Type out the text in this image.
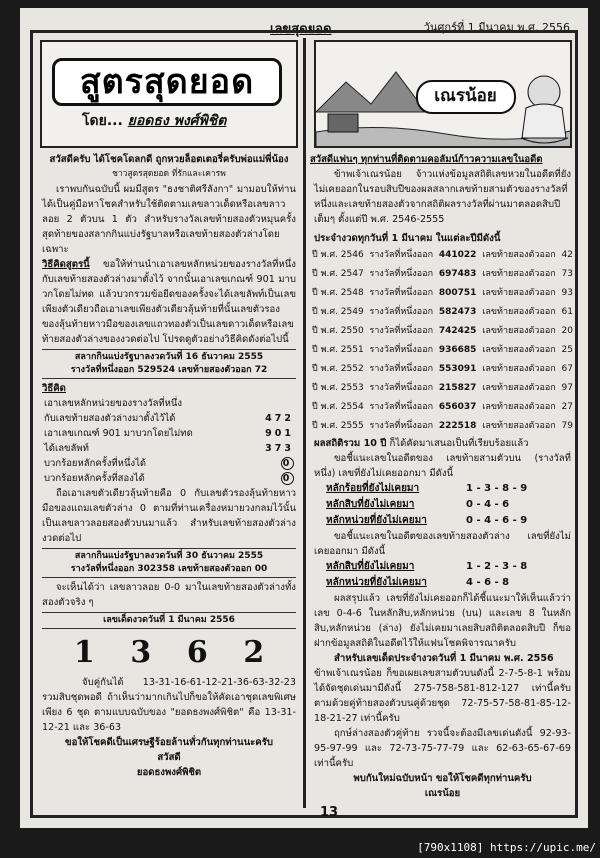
เลขสุดยอด	วันศุกร์ที่ 1 มีนาคม พ.ศ. 2556
สูตรสุดยอด
โดย... ยอดธง พงศ์พิชิต
สวัสดีครับ ได้โชคโดลกดี ถูกหวยล็อตเตอรี่ครับพ่อแม่พี่น้อง
ชาวสูตรสุดยอด ที่รักและเคารพ
เราพบกันฉบับนี้ ผมมีสูตร "ธงชาติศรีลังกา" มามอบให้ท่านได้เป็นคู่มือหาโชคสำหรับใช้ติดตามเลขลาวเด็ดหรือเลขลาวลอย 2 ตัวบน 1 ตัว สำหรับรางวัลเลขท้ายสองตัวหมุนครั้งสุดท้ายของสลากกินแบ่งรัฐบาลหรือเลขท้ายสองตัวล่างโดยเฉพาะ
วิธีคิดสูตรนี้ ขอให้ท่านนำเอาเลขหลักหน่วยของรางวัลที่หนึ่งกับเลขท้ายสองตัวล่างมาตั้งไว้ จากนั้นเอาเลขเกณฑ์ 901 มาบวกโดยไม่ทด แล้วบวกรวมข้อยีดของครั้งจะได้เลขลัพท์เป็นเลขเพียงตัวเดียวถือเอาเลขเพียงตัวเดียวลุ้นท้ายที่นั้นเลขตัวรองของลุ้นท้ายหาวมือของเลขแถวทองตัวเป็นเลขดาวเด็ดหรือเลขท้ายสองตัวล่างของงวดต่อไป โปรดดูตัวอย่างวิธีคิดดังต่อไปนี้
สลากกินแบ่งรัฐบาลงวดวันที่ 16 ธันวาคม 2555
รางวัลที่หนึ่งออก 529524 เลขท้ายสองตัวออก 72
วิธีคิด
เอาเลขหลักหน่วยของรางวัลที่หนึ่ง
กับเลขท้ายสองตัวล่างมาตั้งไว้ได้	472
เอาเลขเกณฑ์ 901 มาบวกโดยไม่ทด	901
ได้เลขลัพท์	373
บวกร้อยหลักครั้งที่หนึ่งได้	0
บวกร้อยหลักครั้งที่สองได้	0
ถือเอาเลขตัวเดียวลุ้นท้ายคือ 0 กับเลขตัวรองลุ้นท้ายหาวมือของแถมเลขตัวล่าง 0 ตามที่ท่านเครื่องหมายวงกลมไว้นั้นเป็นเลขลาวลอยสองตัวบนมาแล้ว สำหรับเลขท้ายสองตัวล่างงวดต่อไป
สลากกินแบ่งรัฐบาลงวดวันที่ 30 ธันวาคม 2555
รางวัลที่หนึ่งออก 302358 เลขท้ายสองตัวออก 00
จะเห็นได้ว่า เลขลาวลอย 0-0 มาในเลขท้ายสองตัวล่างทั้งสองตัวจริง ๆ
เลขเด็ดงวดวันที่ 1 มีนาคม 2556
1 3 6 2
จับคู่กันได้ 13-31-16-61-12-21-36-63-32-23 รวมสิบชุดพอดี ถ้าเห็นว่ามากเกินไปก็ขอให้คัดเอาชุดเลขพิเศษเพียง 6 ชุด ตามแบบฉบับของ "ยอดธงพงศ์พิชิต" คือ 13-31-12-21 และ 36-63
ขอให้โชคดีเป็นเศรษฐีร้อยล้านทั่วกันทุกท่านนะครับ
สวัสดี
ยอดธงพงศ์พิชิต
เณรน้อย
สวัสดีแฟนๆ ทุกท่านที่ติดตามคอลัมน์ก้าวความเลขในอดีต
ข้าพเจ้าเณรน้อย จ้าวแห่งข้อมูลสถิติเลขหวยในอดีตที่ยังไม่เคยออกในรอบสิบปีของผลสลากเลขท้ายสามตัวของรางวัลที่หนึ่งและเลขท้ายสองตัวจากสถิติผลรางวัลที่ผ่านมาตลอดสิบปีเต็มๆ ตั้งแต่ปี พ.ศ. 2546-2555
ประจำงวดทุกวันที่ 1 มีนาคม ในแต่ละปีมีดังนี้
ปี พ.ศ. 2546 รางวัลที่หนึ่งออก 441022 เลขท้ายสองตัวออก 42
ปี พ.ศ. 2547 รางวัลที่หนึ่งออก 697483 เลขท้ายสองตัวออก 73
ปี พ.ศ. 2548 รางวัลที่หนึ่งออก 800751 เลขท้ายสองตัวออก 93
ปี พ.ศ. 2549 รางวัลที่หนึ่งออก 582473 เลขท้ายสองตัวออก 61
ปี พ.ศ. 2550 รางวัลที่หนึ่งออก 742425 เลขท้ายสองตัวออก 20
ปี พ.ศ. 2551 รางวัลที่หนึ่งออก 936685 เลขท้ายสองตัวออก 25
ปี พ.ศ. 2552 รางวัลที่หนึ่งออก 553091 เลขท้ายสองตัวออก 67
ปี พ.ศ. 2553 รางวัลที่หนึ่งออก 215827 เลขท้ายสองตัวออก 97
ปี พ.ศ. 2554 รางวัลที่หนึ่งออก 656037 เลขท้ายสองตัวออก 27
ปี พ.ศ. 2555 รางวัลที่หนึ่งออก 222518 เลขท้ายสองตัวออก 79
ผลสถิติรวม 10 ปี ก็ได้คัดมาเสนอเป็นที่เรียบร้อยแล้ว
ขอชี้แนะเลขในอดีตของ เลขท้ายสามตัวบน (รางวัลที่หนึ่ง) เลขที่ยังไม่เคยออกมา มีดังนี้
หลักร้อยที่ยังไม่เคยมา	1 - 3 - 8 - 9
หลักสิบที่ยังไม่เคยมา	0 - 4 - 6
หลักหน่วยที่ยังไม่เคยมา	0 - 4 - 6 - 9
ขอชี้แนะเลขในอดีตของเลขท้ายสองตัวล่าง เลขที่ยังไม่เคยออกมา มีดังนี้
หลักสิบที่ยังไม่เคยมา	1 - 2 - 3 - 8
หลักหน่วยที่ยังไม่เคยมา	4 - 6 - 8
ผลสรุปแล้ว เลขที่ยังไม่เคยออกก็ได้ชี้แนะมาให้เห็นแล้วว่าเลข 0-4-6 ในหลักสิบ,หลักหน่วย (บน) และเลข 8 ในหลักสิบ,หลักหน่วย (ล่าง) ยังไม่เคยมาเลยสิบสถิติตลอดสิบปี ก็ขอฝากข้อมูลสถิติในอดีตไว้ให้แฟนโชคพิจารณาครับ
สำหรับเลขเด็ดประจำงวดวันที่ 1 มีนาคม พ.ศ. 2556
ข้าพเจ้าเณรน้อย ก็ขอเผยเลขสามตัวบนดังนี้ 2-7-5-8-1 พร้อมได้จัดชุดเด่นมามีดังนี้ 275-758-581-812-127 เท่านี้ครับ ตามด้วยคู่ท้ายสองตัวบนคู่ด้วยชุด 72-75-57-58-81-85-12-18-21-27 เท่านี้ครับ
ฤกษ์ล่างสองตัวคู่ท้าย รวจนี้จะต้องมีเลขเด่นดังนี้ 92-93-95-97-99 และ 72-73-75-77-79 และ 62-63-65-67-69 เท่านี้ครับ
พบกันใหม่ฉบับหน้า ขอให้โชคดีทุกท่านครับ
เณรน้อย
13
[790x1108] https://upic.me/
